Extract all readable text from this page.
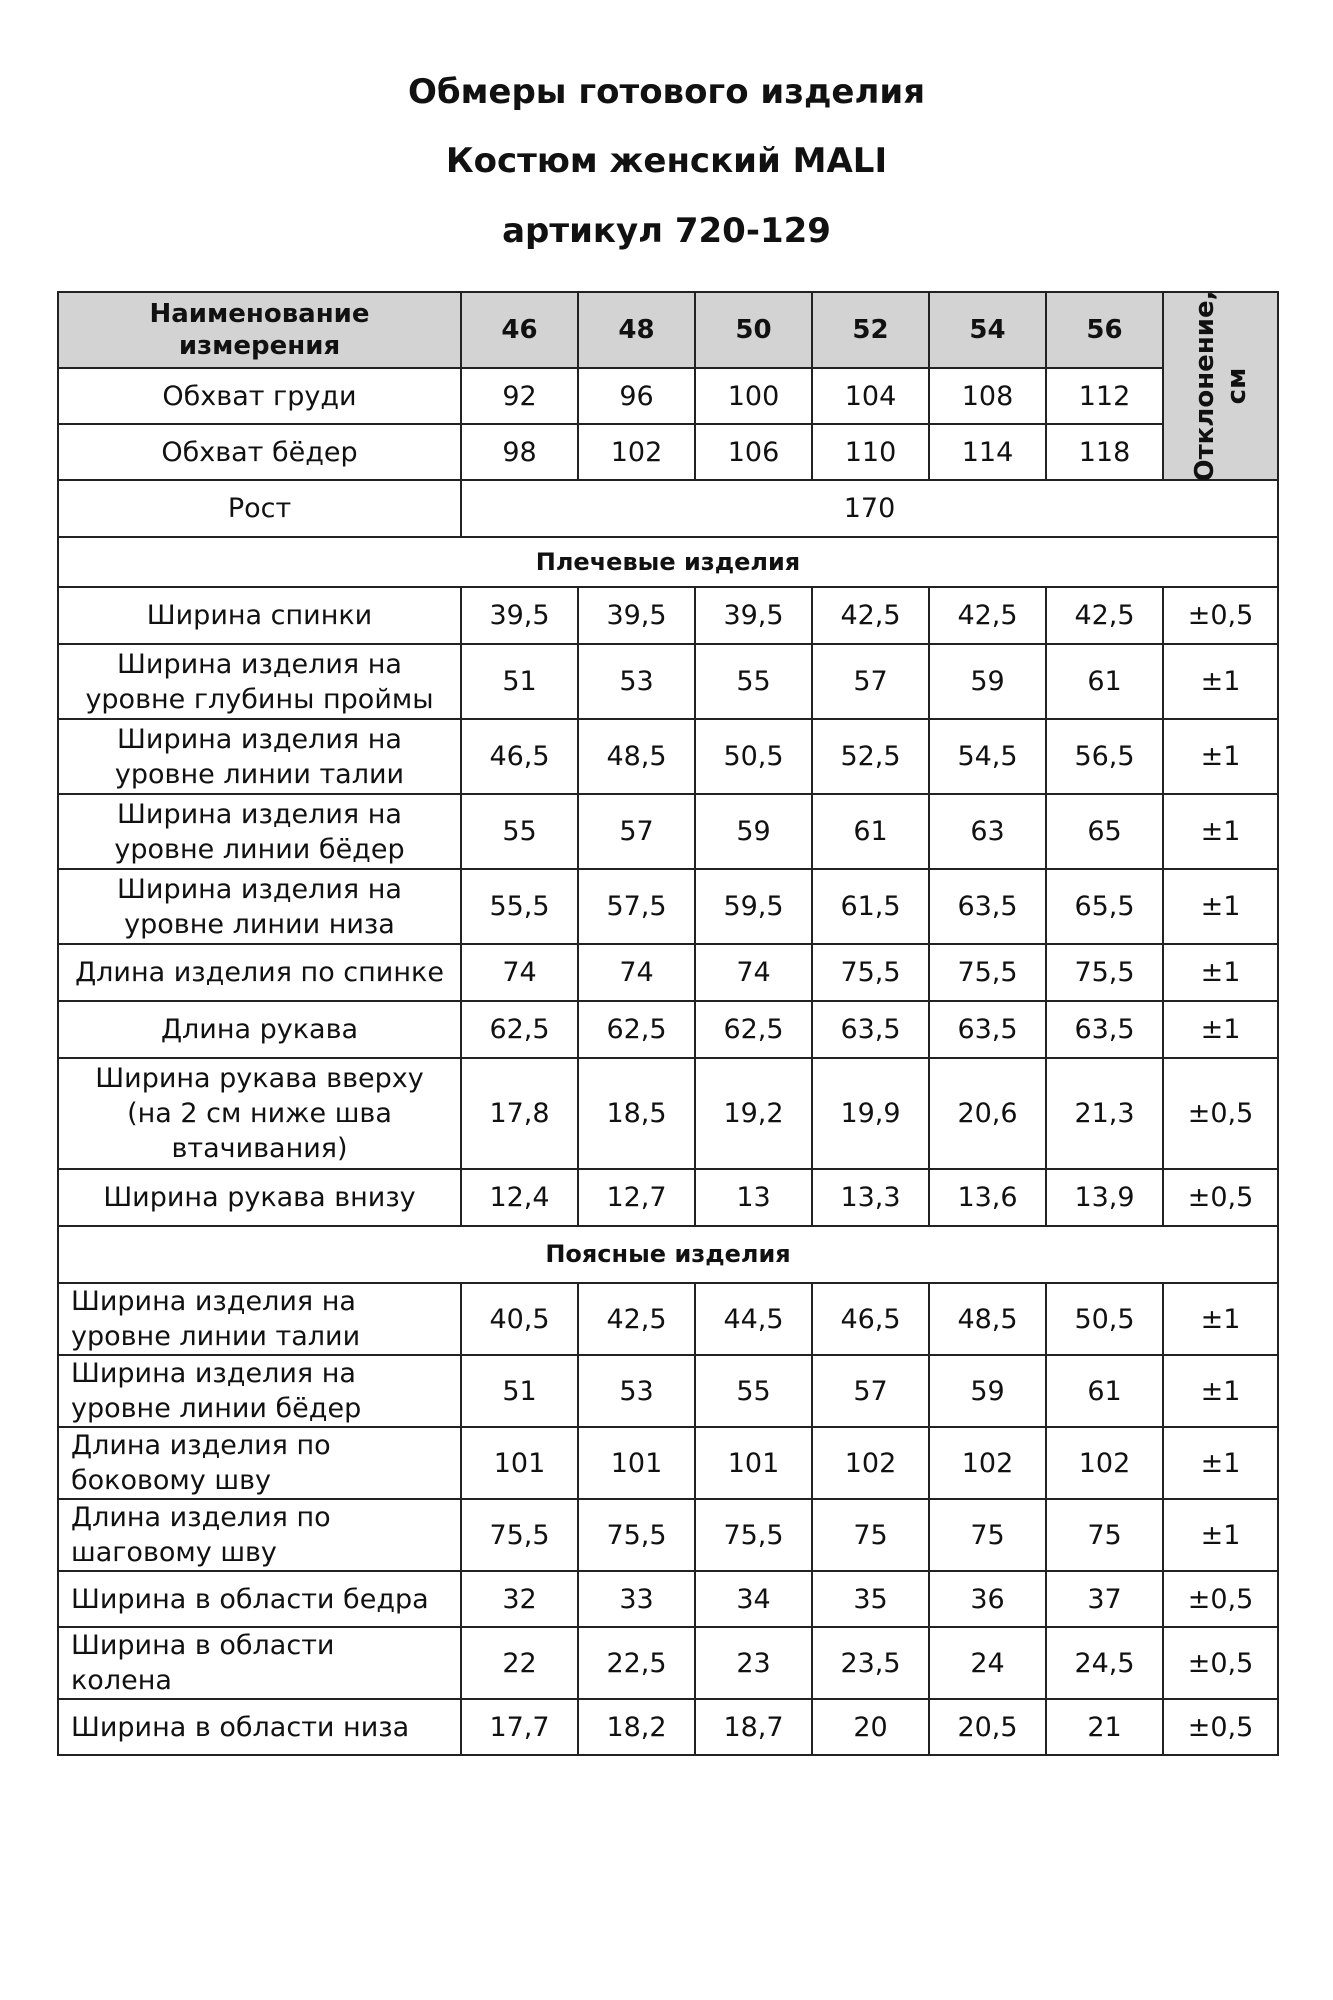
Обмеры готового изделия
Костюм женский MALI
артикул 720-129
Наименование
измерения	46	48	50	52	54	56	Отклонение, см

Обхват груди	92	96	100	104	108	112	
Обхват бёдер	98	102	106	110	114	118	
Рост	170						
Плечевые изделия							

Ширина спинки	39,5	39,5	39,5	42,5	42,5	42,5	±0,5

Ширина изделия на
уровне глубины проймы	51	53	55	57	59	61	±1

Ширина изделия на
уровне линии талии	46,5	48,5	50,5	52,5	54,5	56,5	±1

Ширина изделия на
уровне линии бёдер	55	57	59	61	63	65	±1

Ширина изделия на
уровне линии низа	55,5	57,5	59,5	61,5	63,5	65,5	±1

Длина изделия по спинке	74	74	74	75,5	75,5	75,5	±1

Длина рукава	62,5	62,5	62,5	63,5	63,5	63,5	±1

Ширина рукава вверху
(на 2 см ниже шва
втачивания)	17,8	18,5	19,2	19,9	20,6	21,3	±0,5

Ширина рукава внизу	12,4	12,7	13	13,3	13,6	13,9	±0,5
Поясные изделия							

Ширина изделия на
уровне линии талии	40,5	42,5	44,5	46,5	48,5	50,5	±1

Ширина изделия на
уровне линии бёдер	51	53	55	57	59	61	±1

Длина изделия по
боковому шву	101	101	101	102	102	102	±1

Длина изделия по
шаговому шву	75,5	75,5	75,5	75	75	75	±1

Ширина в области бедра	32	33	34	35	36	37	±0,5

Ширина в области
колена	22	22,5	23	23,5	24	24,5	±0,5

Ширина в области низа	17,7	18,2	18,7	20	20,5	21	±0,5
